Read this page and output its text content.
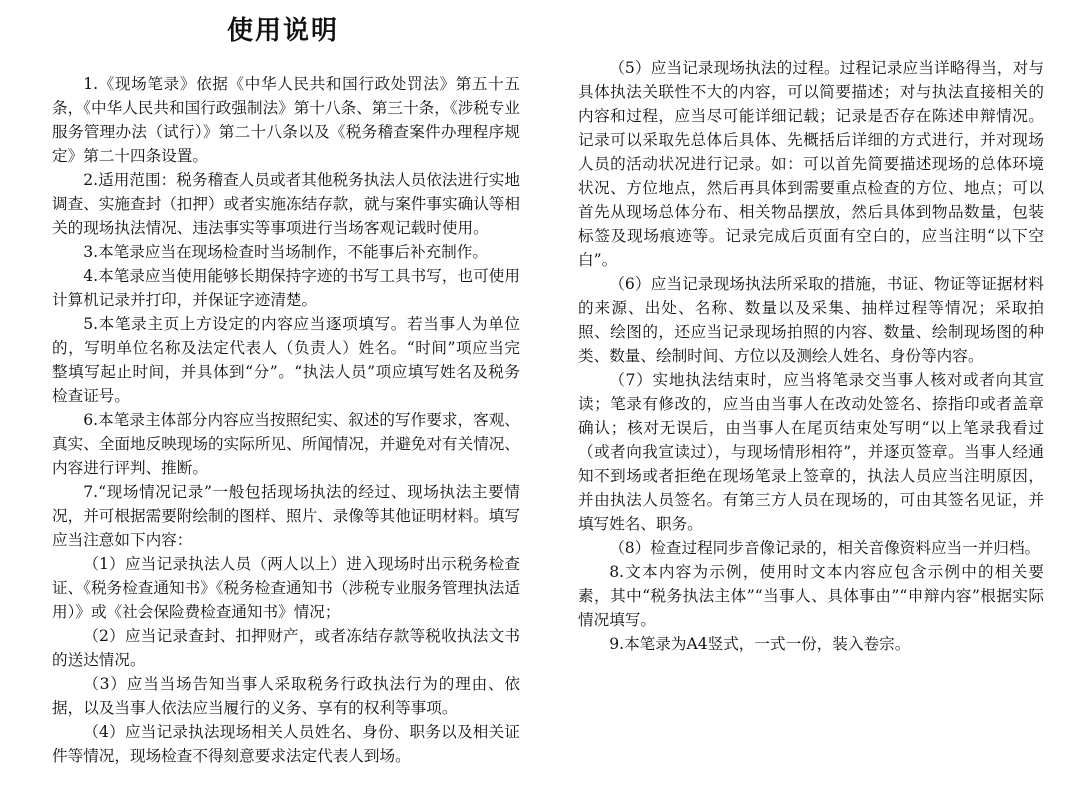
使用说明

1.《现场笔录》依据《中华人民共和国行政处罚法》第五十五条，《中华人民共和国行政强制法》第十八条、第三十条，《涉税专业服务管理办法（试行）》第二十八条以及《税务稽查案件办理程序规定》第二十四条设置。

2.适用范围：税务稽查人员或者其他税务执法人员依法进行实地调查、实施查封（扣押）或者实施冻结存款，就与案件事实确认等相关的现场执法情况、违法事实等事项进行当场客观记载时使用。

3.本笔录应当在现场检查时当场制作，不能事后补充制作。

4.本笔录应当使用能够长期保持字迹的书写工具书写，也可使用计算机记录并打印，并保证字迹清楚。

5.本笔录主页上方设定的内容应当逐项填写。若当事人为单位的，写明单位名称及法定代表人（负责人）姓名。“时间”项应当完整填写起止时间，并具体到“分”。“执法人员”项应填写姓名及税务检查证号。

6.本笔录主体部分内容应当按照纪实、叙述的写作要求，客观、真实、全面地反映现场的实际所见、所闻情况，并避免对有关情况、内容进行评判、推断。

7.“现场情况记录”一般包括现场执法的经过、现场执法主要情况，并可根据需要附绘制的图样、照片、录像等其他证明材料。填写应当注意如下内容：

（1）应当记录执法人员（两人以上）进入现场时出示税务检查证、《税务检查通知书》《税务检查通知书（涉税专业服务管理执法适用）》或《社会保险费检查通知书》情况；

（2）应当记录查封、扣押财产，或者冻结存款等税收执法文书的送达情况。

（3）应当当场告知当事人采取税务行政执法行为的理由、依据，以及当事人依法应当履行的义务、享有的权利等事项。

（4）应当记录执法现场相关人员姓名、身份、职务以及相关证件等情况，现场检查不得刻意要求法定代表人到场。

（5）应当记录现场执法的过程。过程记录应当详略得当，对与具体执法关联性不大的内容，可以简要描述；对与执法直接相关的内容和过程，应当尽可能详细记载；记录是否存在陈述申辩情况。记录可以采取先总体后具体、先概括后详细的方式进行，并对现场人员的活动状况进行记录。如：可以首先简要描述现场的总体环境状况、方位地点，然后再具体到需要重点检查的方位、地点；可以首先从现场总体分布、相关物品摆放，然后具体到物品数量，包装标签及现场痕迹等。记录完成后页面有空白的，应当注明“以下空白”。

（6）应当记录现场执法所采取的措施，书证、物证等证据材料的来源、出处、名称、数量以及采集、抽样过程等情况；采取拍照、绘图的，还应当记录现场拍照的内容、数量、绘制现场图的种类、数量、绘制时间、方位以及测绘人姓名、身份等内容。

（7）实地执法结束时，应当将笔录交当事人核对或者向其宣读；笔录有修改的，应当由当事人在改动处签名、捺指印或者盖章确认；核对无误后，由当事人在尾页结束处写明“以上笔录我看过（或者向我宣读过），与现场情形相符”，并逐页签章。当事人经通知不到场或者拒绝在现场笔录上签章的，执法人员应当注明原因，并由执法人员签名。有第三方人员在现场的，可由其签名见证，并填写姓名、职务。

（8）检查过程同步音像记录的，相关音像资料应当一并归档。

8.文本内容为示例，使用时文本内容应包含示例中的相关要素，其中“税务执法主体”“当事人、具体事由”“申辩内容”根据实际情况填写。

9.本笔录为A4竖式，一式一份，装入卷宗。
